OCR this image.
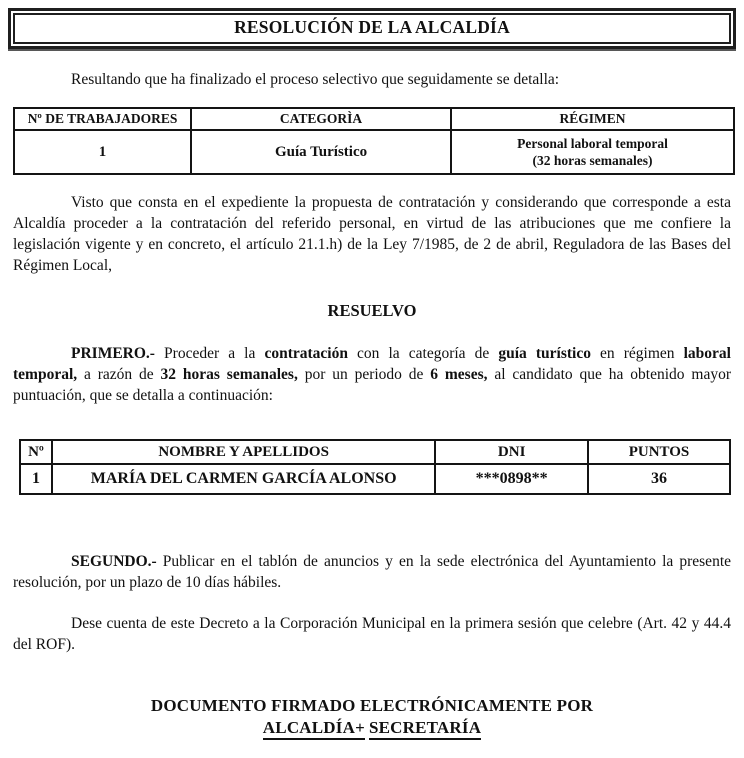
RESOLUCIÓN DE LA ALCALDÍA

Resultando que ha finalizado el proceso selectivo que seguidamente se detalla:

Nº DE TRABAJADORES	CATEGORÌA	RÉGIMEN
1	Guía Turístico	Personal laboral temporal
(32 horas semanales)

Visto que consta en el expediente la propuesta de contratación y considerando que corresponde a esta Alcaldía proceder a la contratación del referido personal, en virtud de las atribuciones que me confiere la legislación vigente y en concreto, el artículo 21.1.h) de la Ley 7/1985, de 2 de abril, Reguladora de las Bases del Régimen Local,

RESUELVO

PRIMERO.- Proceder a la contratación con la categoría de guía turístico en régimen laboral temporal, a razón de 32 horas semanales, por un periodo de 6 meses, al candidato que ha obtenido mayor puntuación, que se detalla a continuación:

Nº	NOMBRE Y APELLIDOS	DNI	PUNTOS
1	MARÍA DEL CARMEN GARCÍA ALONSO	***0898**	36

SEGUNDO.- Publicar en el tablón de anuncios y en la sede electrónica del Ayuntamiento la presente resolución, por un plazo de 10 días hábiles.

Dese cuenta de este Decreto a la Corporación Municipal en la primera sesión que celebre (Art. 42 y 44.4 del ROF).

DOCUMENTO FIRMADO ELECTRÓNICAMENTE POR
ALCALDÍA+ SECRETARÍA
